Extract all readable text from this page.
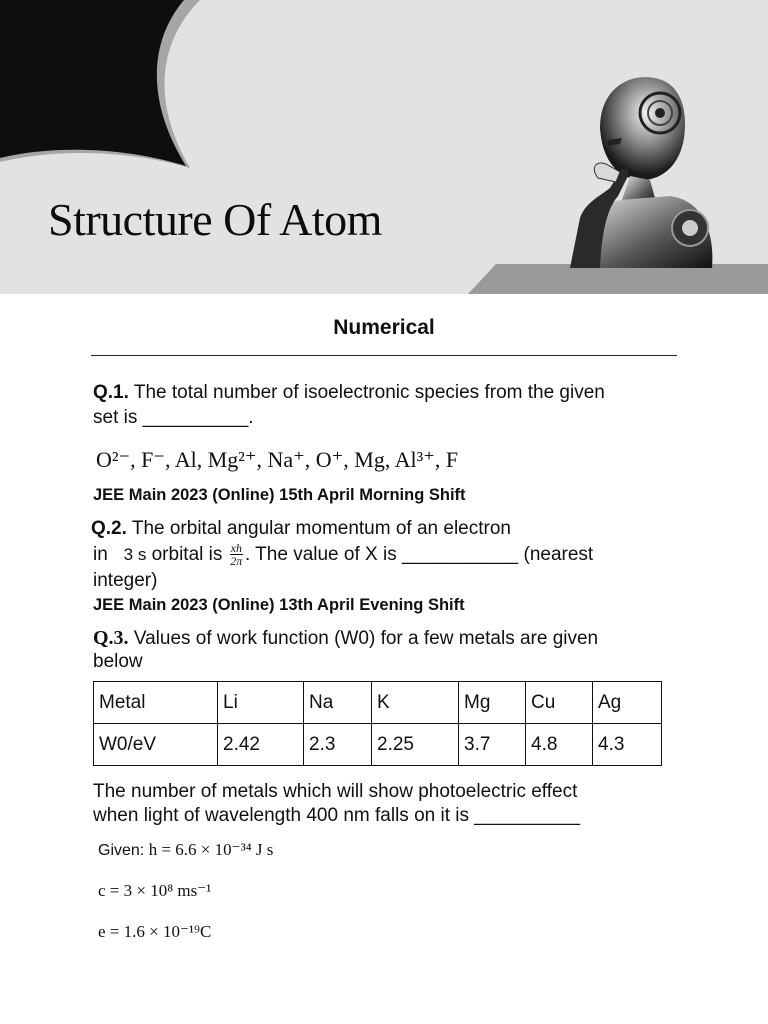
Structure Of Atom
Numerical
Q.1. The total number of isoelectronic species from the given
set is __________.
O²⁻, F⁻, Al, Mg²⁺, Na⁺, O⁺, Mg, Al³⁺, F
JEE Main 2023 (Online) 15th April Morning Shift
Q.2. The orbital angular momentum of an electron
in 3 s orbital is $\frac{xh}{2\pi}$ . The value of X is ___________ (nearest
integer)
JEE Main 2023 (Online) 13th April Evening Shift
Q.3. Values of work function (W0) for a few metals are given
below
Metal	Li	Na	K	Mg	Cu	Ag
W0/eV	2.42	2.3	2.25	3.7	4.8	4.3
The number of metals which will show photoelectric effect
when light of wavelength 400 nm falls on it is __________
Given: h = 6.6 × 10⁻³⁴ J s
c = 3 × 10⁸ ms⁻¹
e = 1.6 × 10⁻¹⁹C
